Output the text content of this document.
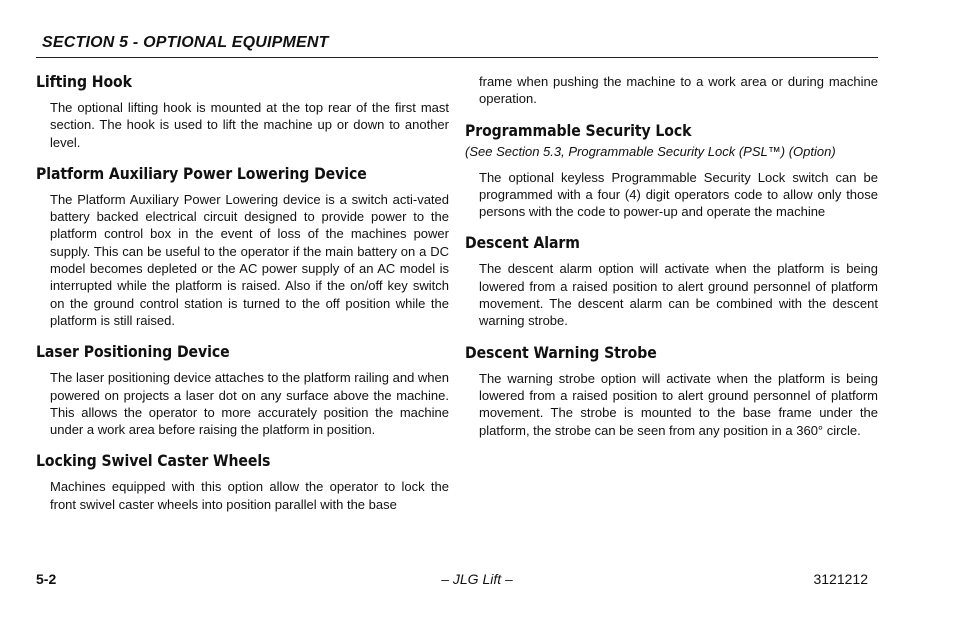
SECTION 5 - OPTIONAL EQUIPMENT
Lifting Hook

The optional lifting hook is mounted at the top rear of the first mast section. The hook is used to lift the machine up or down to another level.

Platform Auxiliary Power Lowering Device

The Platform Auxiliary Power Lowering device is a switch acti-vated battery backed electrical circuit designed to provide power to the platform control box in the event of loss of the machines power supply. This can be useful to the operator if the main battery on a DC model becomes depleted or the AC power supply of an AC model is interrupted while the platform is raised. Also if the on/off key switch on the ground control station is turned to the off position while the platform is still raised.

Laser Positioning Device

The laser positioning device attaches to the platform railing and when powered on projects a laser dot on any surface above the machine. This allows the operator to more accurately position the machine under a work area before raising the platform in position.

Locking Swivel Caster Wheels

Machines equipped with this option allow the operator to lock the front swivel caster wheels into position parallel with the base

frame when pushing the machine to a work area or during machine operation.

Programmable Security Lock
(See Section 5.3, Programmable Security Lock (PSL™) (Option)

The optional keyless Programmable Security Lock switch can be programmed with a four (4) digit operators code to allow only those persons with the code to power-up and operate the machine

Descent Alarm

The descent alarm option will activate when the platform is being lowered from a raised position to alert ground personnel of platform movement. The descent alarm can be combined with the descent warning strobe.

Descent Warning Strobe

The warning strobe option will activate when the platform is being lowered from a raised position to alert ground personnel of platform movement. The strobe is mounted to the base frame under the platform, the strobe can be seen from any position in a 360° circle.

5-2	– JLG Lift –	3121212
